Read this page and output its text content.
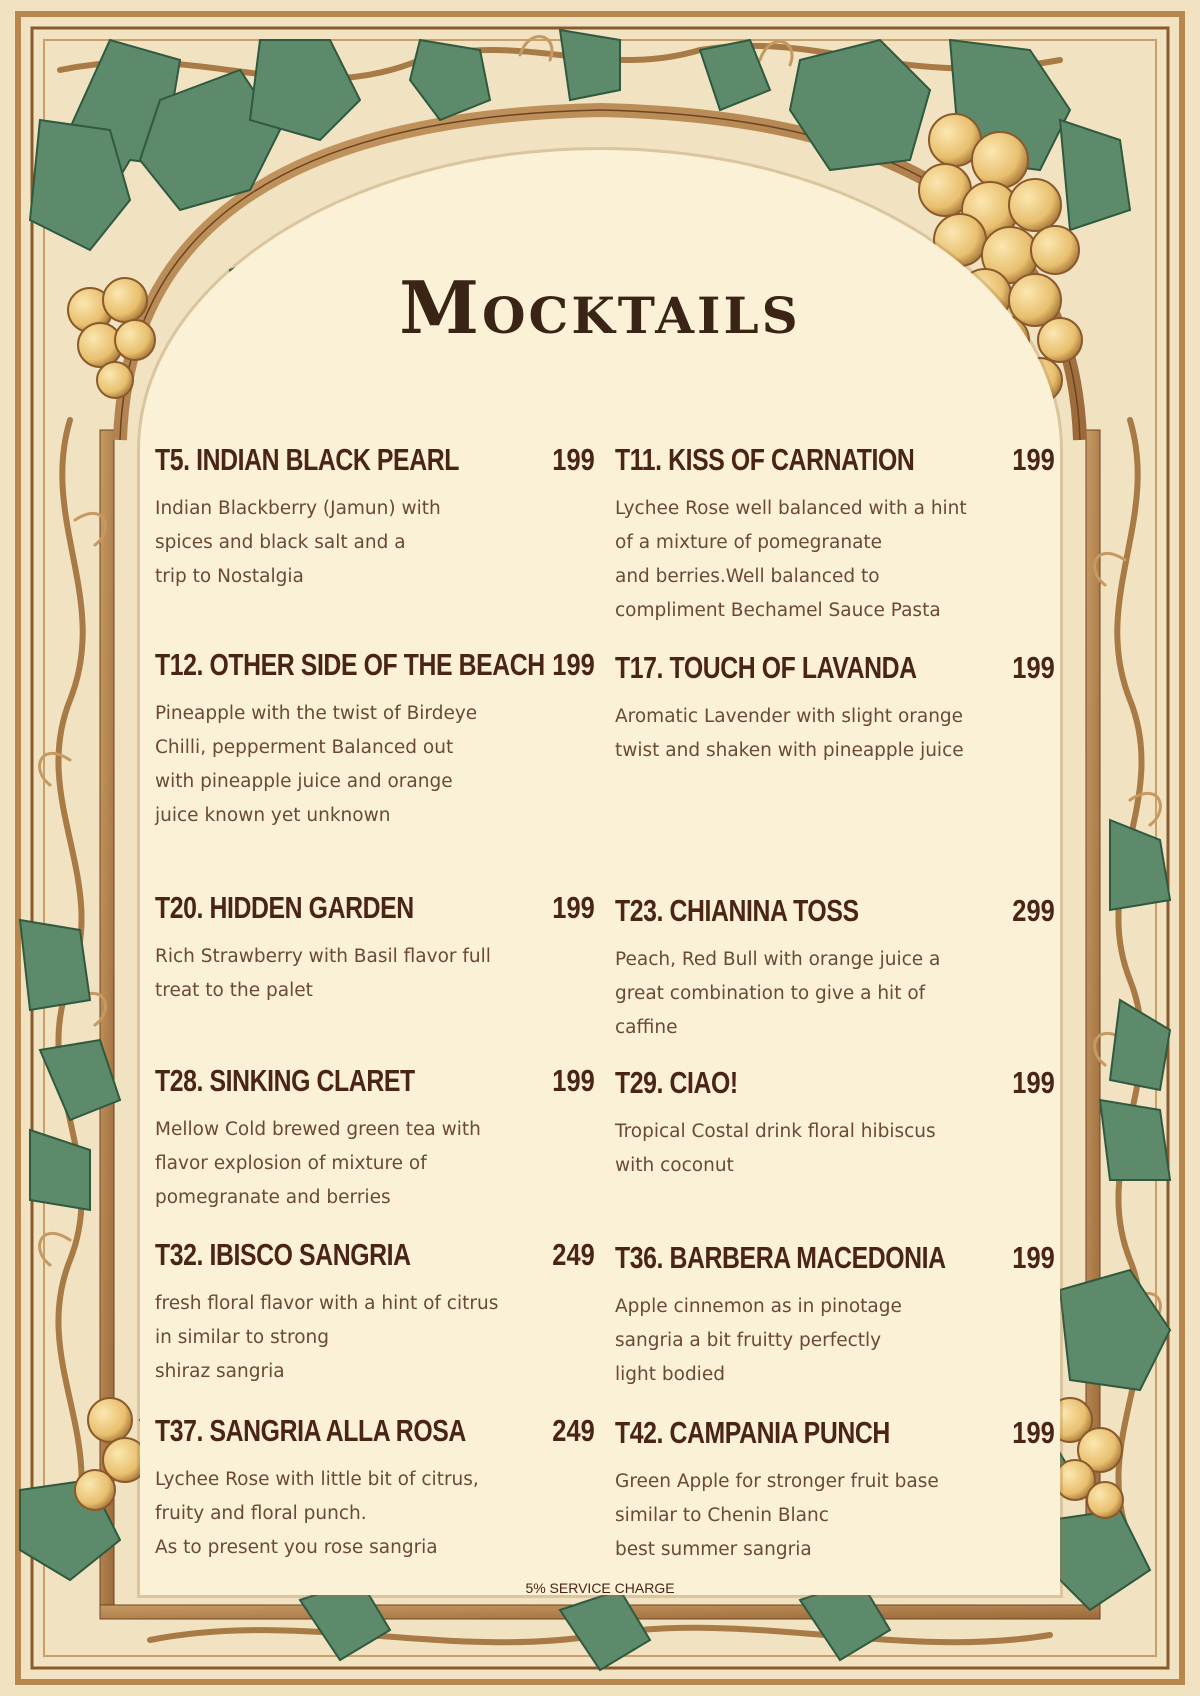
Mocktails
T5. INDIAN BLACK PEARL	199
Indian Blackberry (Jamun) with
spices and black salt and a
trip to Nostalgia
T12. OTHER SIDE OF THE BEACH 199
Pineapple with the twist of Birdeye
Chilli, pepperment Balanced out
with pineapple juice and orange
juice known yet unknown
T20. HIDDEN GARDEN	199
Rich Strawberry with Basil flavor full
treat to the palet
T28. SINKING CLARET	199
Mellow Cold brewed green tea with
flavor explosion of mixture of
pomegranate and berries
T32. IBISCO SANGRIA	249
fresh floral flavor with a hint of citrus
in similar to strong
shiraz sangria
T37. SANGRIA ALLA ROSA	249
Lychee Rose with little bit of citrus,
fruity and floral punch.
As to present you rose sangria
T11. KISS OF CARNATION	199
Lychee Rose well balanced with a hint
of a mixture of pomegranate
and berries.Well balanced to
compliment Bechamel Sauce Pasta
T17. TOUCH OF LAVANDA	199
Aromatic Lavender with slight orange
twist and shaken with pineapple juice
T23. CHIANINA TOSS	299
Peach, Red Bull with orange juice a
great combination to give a hit of
caffine
T29. CIAO!	199
Tropical Costal drink floral hibiscus
with coconut
T36. BARBERA MACEDONIA 199
Apple cinnemon as in pinotage
sangria a bit fruitty perfectly
light bodied
T42. CAMPANIA PUNCH	199
Green Apple for stronger fruit base
similar to Chenin Blanc
best summer sangria
5% SERVICE CHARGE
